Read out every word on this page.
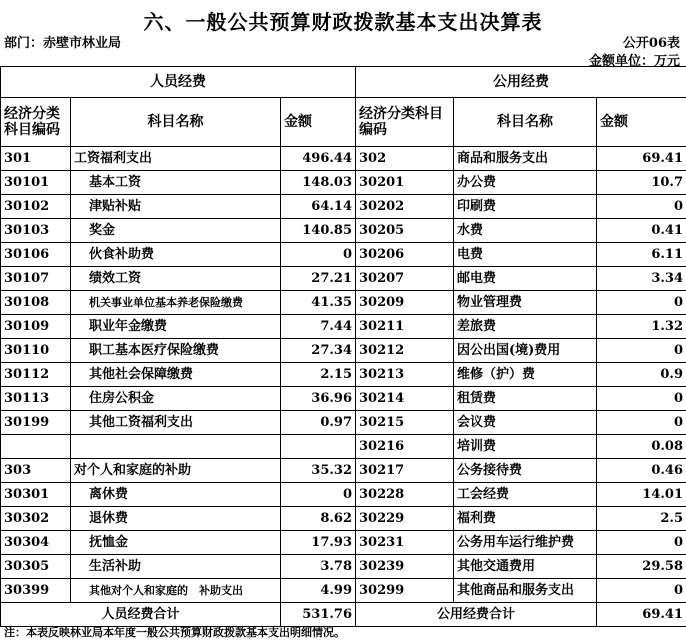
六、一般公共预算财政拨款基本支出决算表
部门：赤壁市林业局	公开06表
金额单位：万元
人员经费			公用经费		
经济分类科目编码	科目名称	金额	经济分类科目编码	科目名称	金额
301	工资福利支出	496.44	302	商品和服务支出	69.41
30101	基本工资	148.03	30201	办公费	10.7
30102	津贴补贴	64.14	30202	印刷费	0
30103	奖金	140.85	30205	水费	0.41
30106	伙食补助费	0	30206	电费	6.11
30107	绩效工资	27.21	30207	邮电费	3.34
30108	机关事业单位基本养老保险缴费	41.35	30209	物业管理费	0
30109	职业年金缴费	7.44	30211	差旅费	1.32
30110	职工基本医疗保险缴费	27.34	30212	因公出国(境)费用	0
30112	其他社会保障缴费	2.15	30213	维修（护）费	0.9
30113	住房公积金	36.96	30214	租赁费	0
30199	其他工资福利支出	0.97	30215	会议费	0
			30216	培训费	0.08
303	对个人和家庭的补助	35.32	30217	公务接待费	0.46
30301	离休费	0	30228	工会经费	14.01
30302	退休费	8.62	30229	福利费	2.5
30304	抚恤金	17.93	30231	公务用车运行维护费	0
30305	生活补助	3.78	30239	其他交通费用	29.58
30399	其他对个人和家庭的　补助支出	4.99	30299	其他商品和服务支出	0
人员经费合计		531.76	公用经费合计		69.41
注：本表反映林业局本年度一般公共预算财政拨款基本支出明细情况。
